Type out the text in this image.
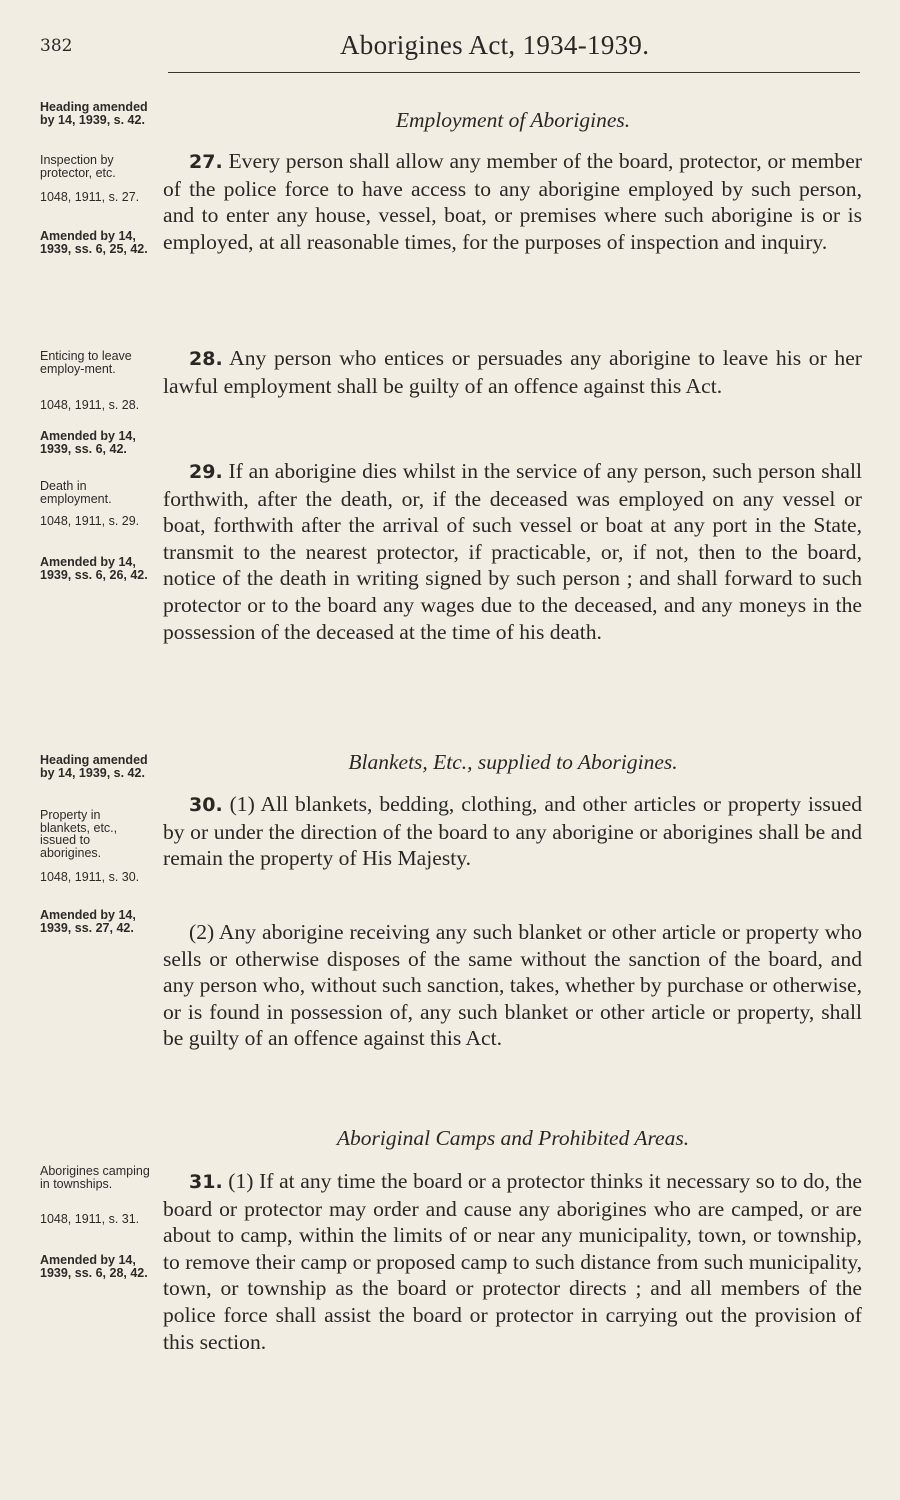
382	Aborigines Act, 1934-1939.
Heading amended by 14, 1939, s. 42.
Inspection by protector, etc.
1048, 1911, s. 27.
Amended by 14, 1939, ss. 6, 25, 42.
Enticing to leave employ-ment.
1048, 1911, s. 28.
Amended by 14, 1939, ss. 6, 42.
Death in employment.
1048, 1911, s. 29.
Amended by 14, 1939, ss. 6, 26, 42.
Heading amended by 14, 1939, s. 42.
Property in blankets, etc., issued to aborigines.
1048, 1911, s. 30.
Amended by 14, 1939, ss. 27, 42.
Aborigines camping in townships.
1048, 1911, s. 31.
Amended by 14, 1939, ss. 6, 28, 42.
Employment of Aborigines.
Blankets, Etc., supplied to Aborigines.
Aboriginal Camps and Prohibited Areas.

27. Every person shall allow any member of the board, protector, or member of the police force to have access to any aborigine employed by such person, and to enter any house, vessel, boat, or premises where such aborigine is or is employed, at all reasonable times, for the purposes of inspection and inquiry.

28. Any person who entices or persuades any aborigine to leave his or her lawful employment shall be guilty of an offence against this Act.

29. If an aborigine dies whilst in the service of any person, such person shall forthwith, after the death, or, if the deceased was employed on any vessel or boat, forthwith after the arrival of such vessel or boat at any port in the State, transmit to the nearest protector, if practicable, or, if not, then to the board, notice of the death in writing signed by such person ; and shall forward to such protector or to the board any wages due to the deceased, and any moneys in the possession of the deceased at the time of his death.

30. (1) All blankets, bedding, clothing, and other articles or property issued by or under the direction of the board to any aborigine or aborigines shall be and remain the property of His Majesty.

(2) Any aborigine receiving any such blanket or other article or property who sells or otherwise disposes of the same without the sanction of the board, and any person who, without such sanction, takes, whether by purchase or otherwise, or is found in possession of, any such blanket or other article or property, shall be guilty of an offence against this Act.

31. (1) If at any time the board or a protector thinks it necessary so to do, the board or protector may order and cause any aborigines who are camped, or are about to camp, within the limits of or near any municipality, town, or township, to remove their camp or proposed camp to such distance from such municipality, town, or township as the board or protector directs ; and all members of the police force shall assist the board or protector in carrying out the provision of this section.
